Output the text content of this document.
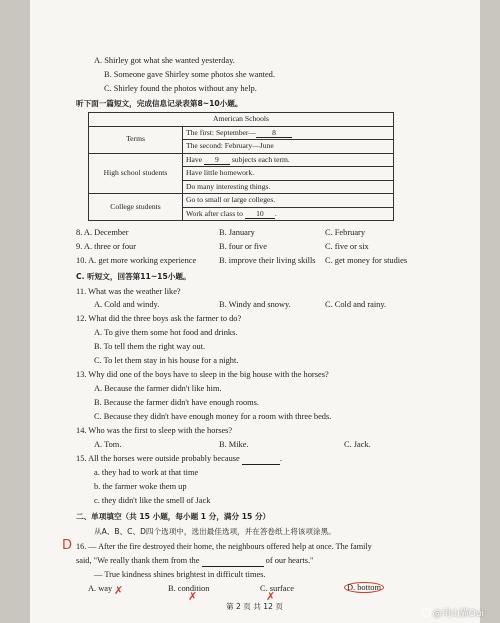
A. Shirley got what she wanted yesterday.
B. Someone gave Shirley some photos she wanted.
C. Shirley found the photos without any help.
听下面一篇短文，完成信息记录表第8~10小题。
American Schools	
Terms	The first: September— 8
	The second: February—June
High school students	Have 9 subjects each term.
	Have little homework.
	Do many interesting things.
College students	Go to small or large colleges.
	Work after class to 10 .
8. A. December	B. January	C. February
9. A. three or four	B. four or five	C. five or six
10. A. get more working experience	B. improve their living skills C. get money for studies
C. 听短文，回答第11~15小题。
11. What was the weather like?
A. Cold and windy.	B. Windy and snowy.	C. Cold and rainy.
12. What did the three boys ask the farmer to do?
A. To give them some hot food and drinks.
B. To tell them the right way out.
C. To let them stay in his house for a night.
13. Why did one of the boys have to sleep in the big house with the horses?
A. Because the farmer didn't like him.
B. Because the farmer didn't have enough rooms.
C. Because they didn't have enough money for a room with three beds.
14. Who was the first to sleep with the horses?
A. Tom.	B. Mike.	C. Jack.
15. All the horses were outside probably because	.
a. they had to work at that time
b. the farmer woke them up
c. they didn't like the smell of Jack
二、单项填空（共 15 小题，每小题 1 分，满分 15 分）
从A、B、C、D四个选项中，选出最佳选项，并在答卷纸上将该项涂黑。
D 16. — After the fire destroyed their home, the neighbours offered help at once. The family
said, "We really thank them from the	of our hearts."
— True kindness shines brightest in difficult times.
A. way	B. condition	C. surface	D. bottom
✗	✗	✗
第 2 页 共 12 页
@司山猫Oui
